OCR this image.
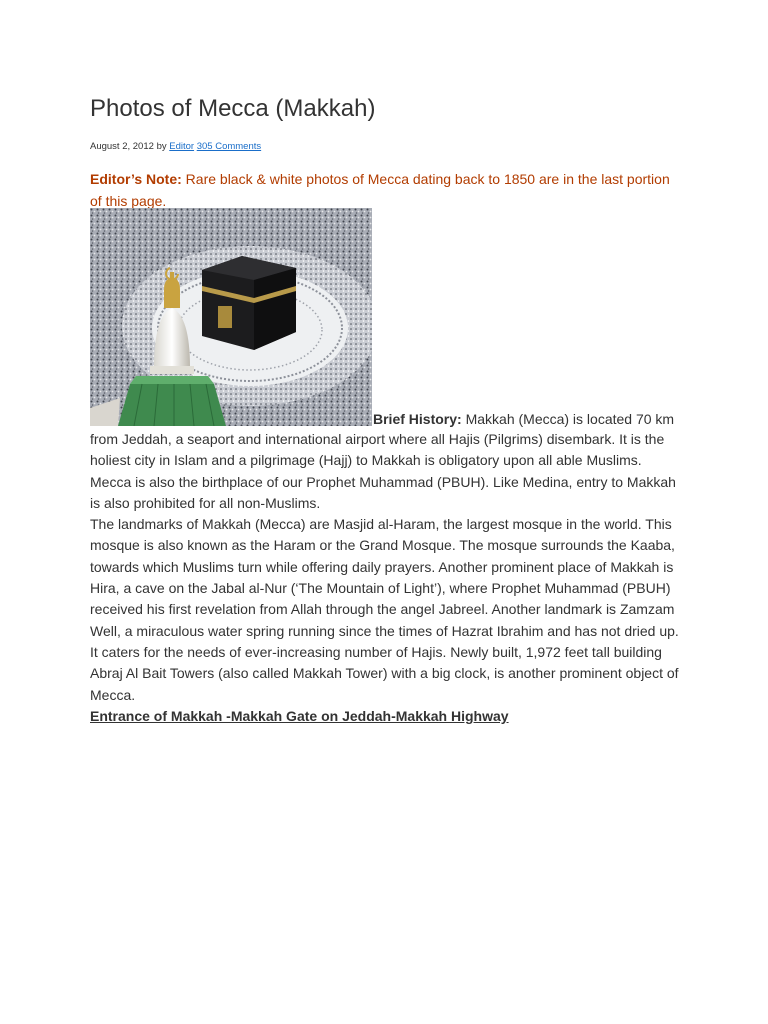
Photos of Mecca (Makkah)
August 2, 2012 by Editor 305 Comments

Editor’s Note: Rare black & white photos of Mecca dating back to 1850 are in the last portion of this page.

Brief History: Makkah (Mecca) is located 70 km

from Jeddah, a seaport and international airport where all Hajis (Pilgrims) disembark. It is the holiest city in Islam and a pilgrimage (Hajj) to Makkah is obligatory upon all able Muslims. Mecca is also the birthplace of our Prophet Muhammad (PBUH). Like Medina, entry to Makkah is also prohibited for all non-Muslims.

The landmarks of Makkah (Mecca) are Masjid al-Haram, the largest mosque in the world. This mosque is also known as the Haram or the Grand Mosque. The mosque surrounds the Kaaba, towards which Muslims turn while offering daily prayers. Another prominent place of Makkah is Hira, a cave on the Jabal al-Nur (‘The Mountain of Light’), where Prophet Muhammad (PBUH) received his first revelation from Allah through the angel Jabreel. Another landmark is Zamzam Well, a miraculous water spring running since the times of Hazrat Ibrahim and has not dried up. It caters for the needs of ever-increasing number of Hajis. Newly built, 1,972 feet tall building Abraj Al Bait Towers (also called Makkah Tower) with a big clock, is another prominent object of Mecca.

Entrance of Makkah -Makkah Gate on Jeddah-Makkah Highway
